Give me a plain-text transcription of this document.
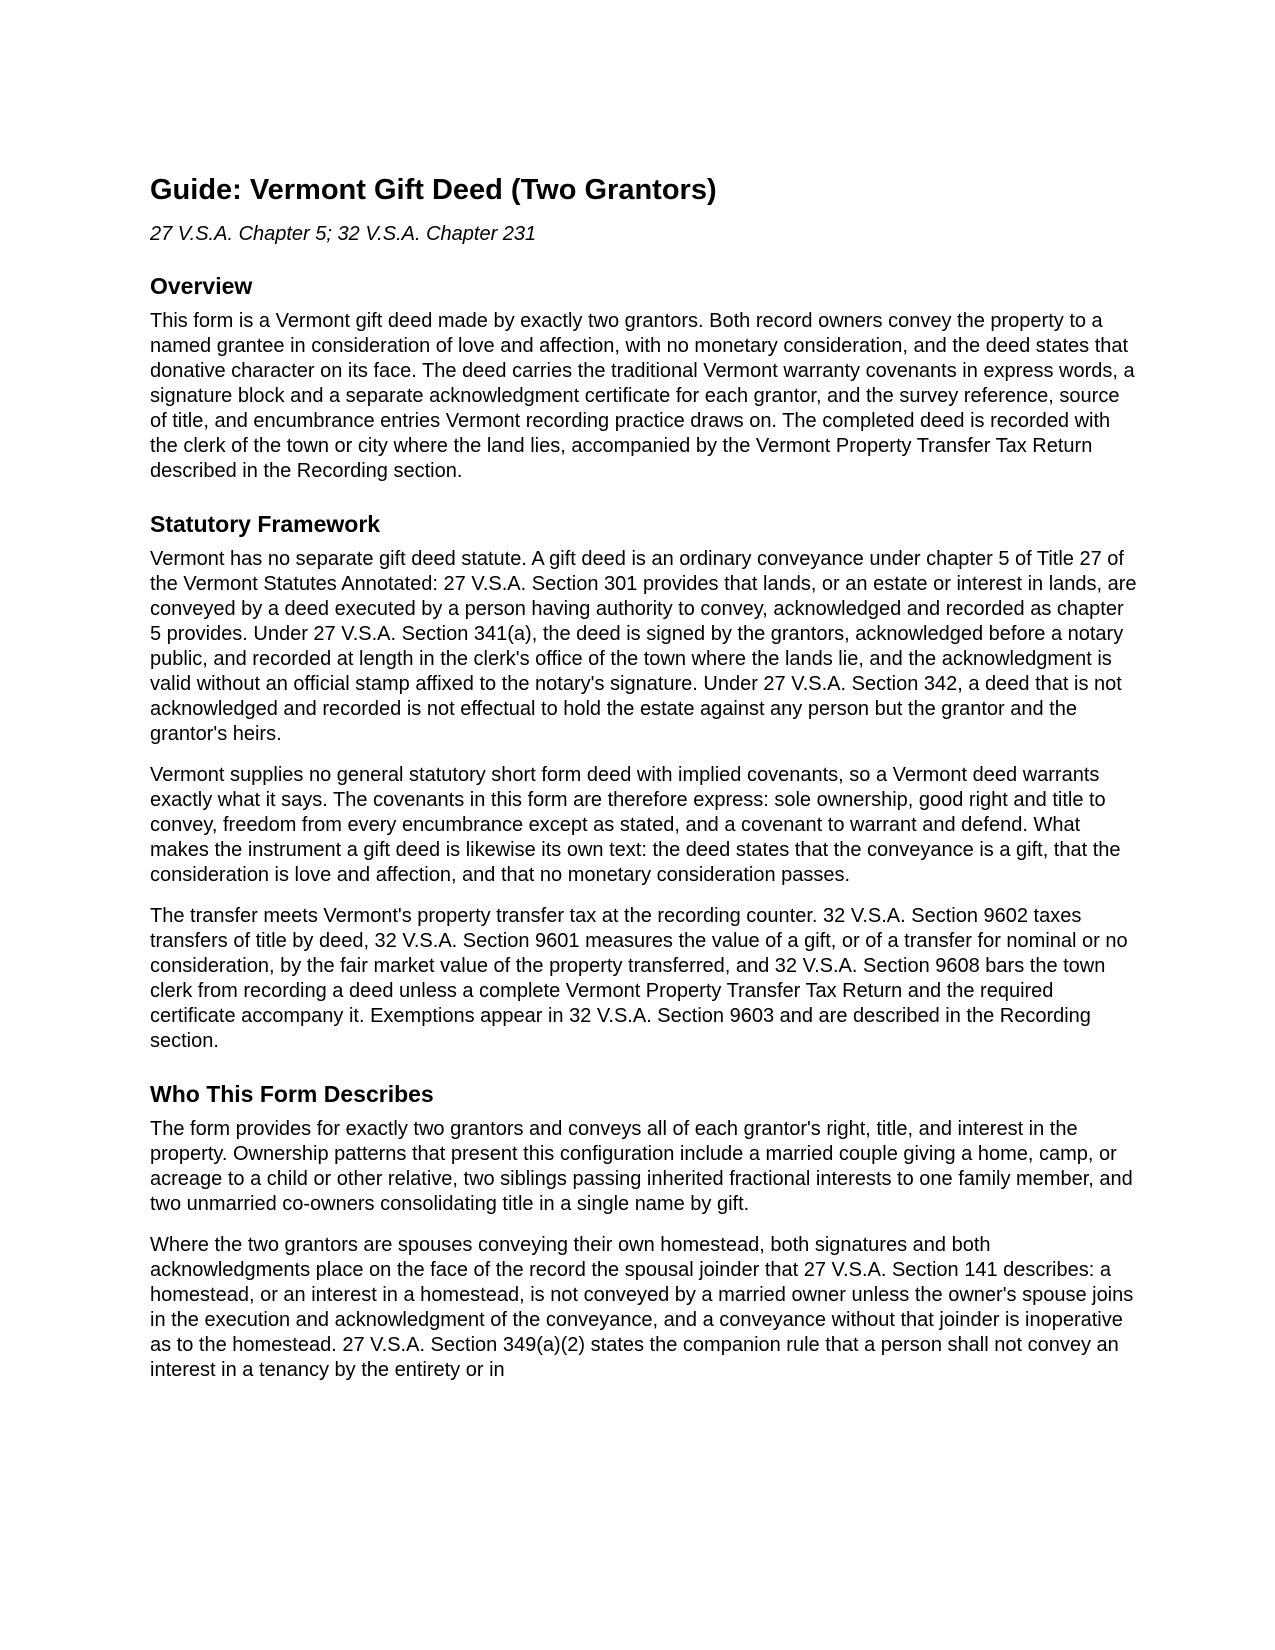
Guide: Vermont Gift Deed (Two Grantors)
27 V.S.A. Chapter 5; 32 V.S.A. Chapter 231
Overview

This form is a Vermont gift deed made by exactly two grantors. Both record owners convey the property to a named grantee in consideration of love and affection, with no monetary consideration, and the deed states that donative character on its face. The deed carries the traditional Vermont warranty covenants in express words, a signature block and a separate acknowledgment certificate for each grantor, and the survey reference, source of title, and encumbrance entries Vermont recording practice draws on. The completed deed is recorded with the clerk of the town or city where the land lies, accompanied by the Vermont Property Transfer Tax Return described in the Recording section.

Statutory Framework

Vermont has no separate gift deed statute. A gift deed is an ordinary conveyance under chapter 5 of Title 27 of the Vermont Statutes Annotated: 27 V.S.A. Section 301 provides that lands, or an estate or interest in lands, are conveyed by a deed executed by a person having authority to convey, acknowledged and recorded as chapter 5 provides. Under 27 V.S.A. Section 341(a), the deed is signed by the grantors, acknowledged before a notary public, and recorded at length in the clerk's office of the town where the lands lie, and the acknowledgment is valid without an official stamp affixed to the notary's signature. Under 27 V.S.A. Section 342, a deed that is not acknowledged and recorded is not effectual to hold the estate against any person but the grantor and the grantor's heirs.

Vermont supplies no general statutory short form deed with implied covenants, so a Vermont deed warrants exactly what it says. The covenants in this form are therefore express: sole ownership, good right and title to convey, freedom from every encumbrance except as stated, and a covenant to warrant and defend. What makes the instrument a gift deed is likewise its own text: the deed states that the conveyance is a gift, that the consideration is love and affection, and that no monetary consideration passes.

The transfer meets Vermont's property transfer tax at the recording counter. 32 V.S.A. Section 9602 taxes transfers of title by deed, 32 V.S.A. Section 9601 measures the value of a gift, or of a transfer for nominal or no consideration, by the fair market value of the property transferred, and 32 V.S.A. Section 9608 bars the town clerk from recording a deed unless a complete Vermont Property Transfer Tax Return and the required certificate accompany it. Exemptions appear in 32 V.S.A. Section 9603 and are described in the Recording section.

Who This Form Describes

The form provides for exactly two grantors and conveys all of each grantor's right, title, and interest in the property. Ownership patterns that present this configuration include a married couple giving a home, camp, or acreage to a child or other relative, two siblings passing inherited fractional interests to one family member, and two unmarried co-owners consolidating title in a single name by gift.

Where the two grantors are spouses conveying their own homestead, both signatures and both acknowledgments place on the face of the record the spousal joinder that 27 V.S.A. Section 141 describes: a homestead, or an interest in a homestead, is not conveyed by a married owner unless the owner's spouse joins in the execution and acknowledgment of the conveyance, and a conveyance without that joinder is inoperative as to the homestead. 27 V.S.A. Section 349(a)(2) states the companion rule that a person shall not convey an interest in a tenancy by the entirety or in
